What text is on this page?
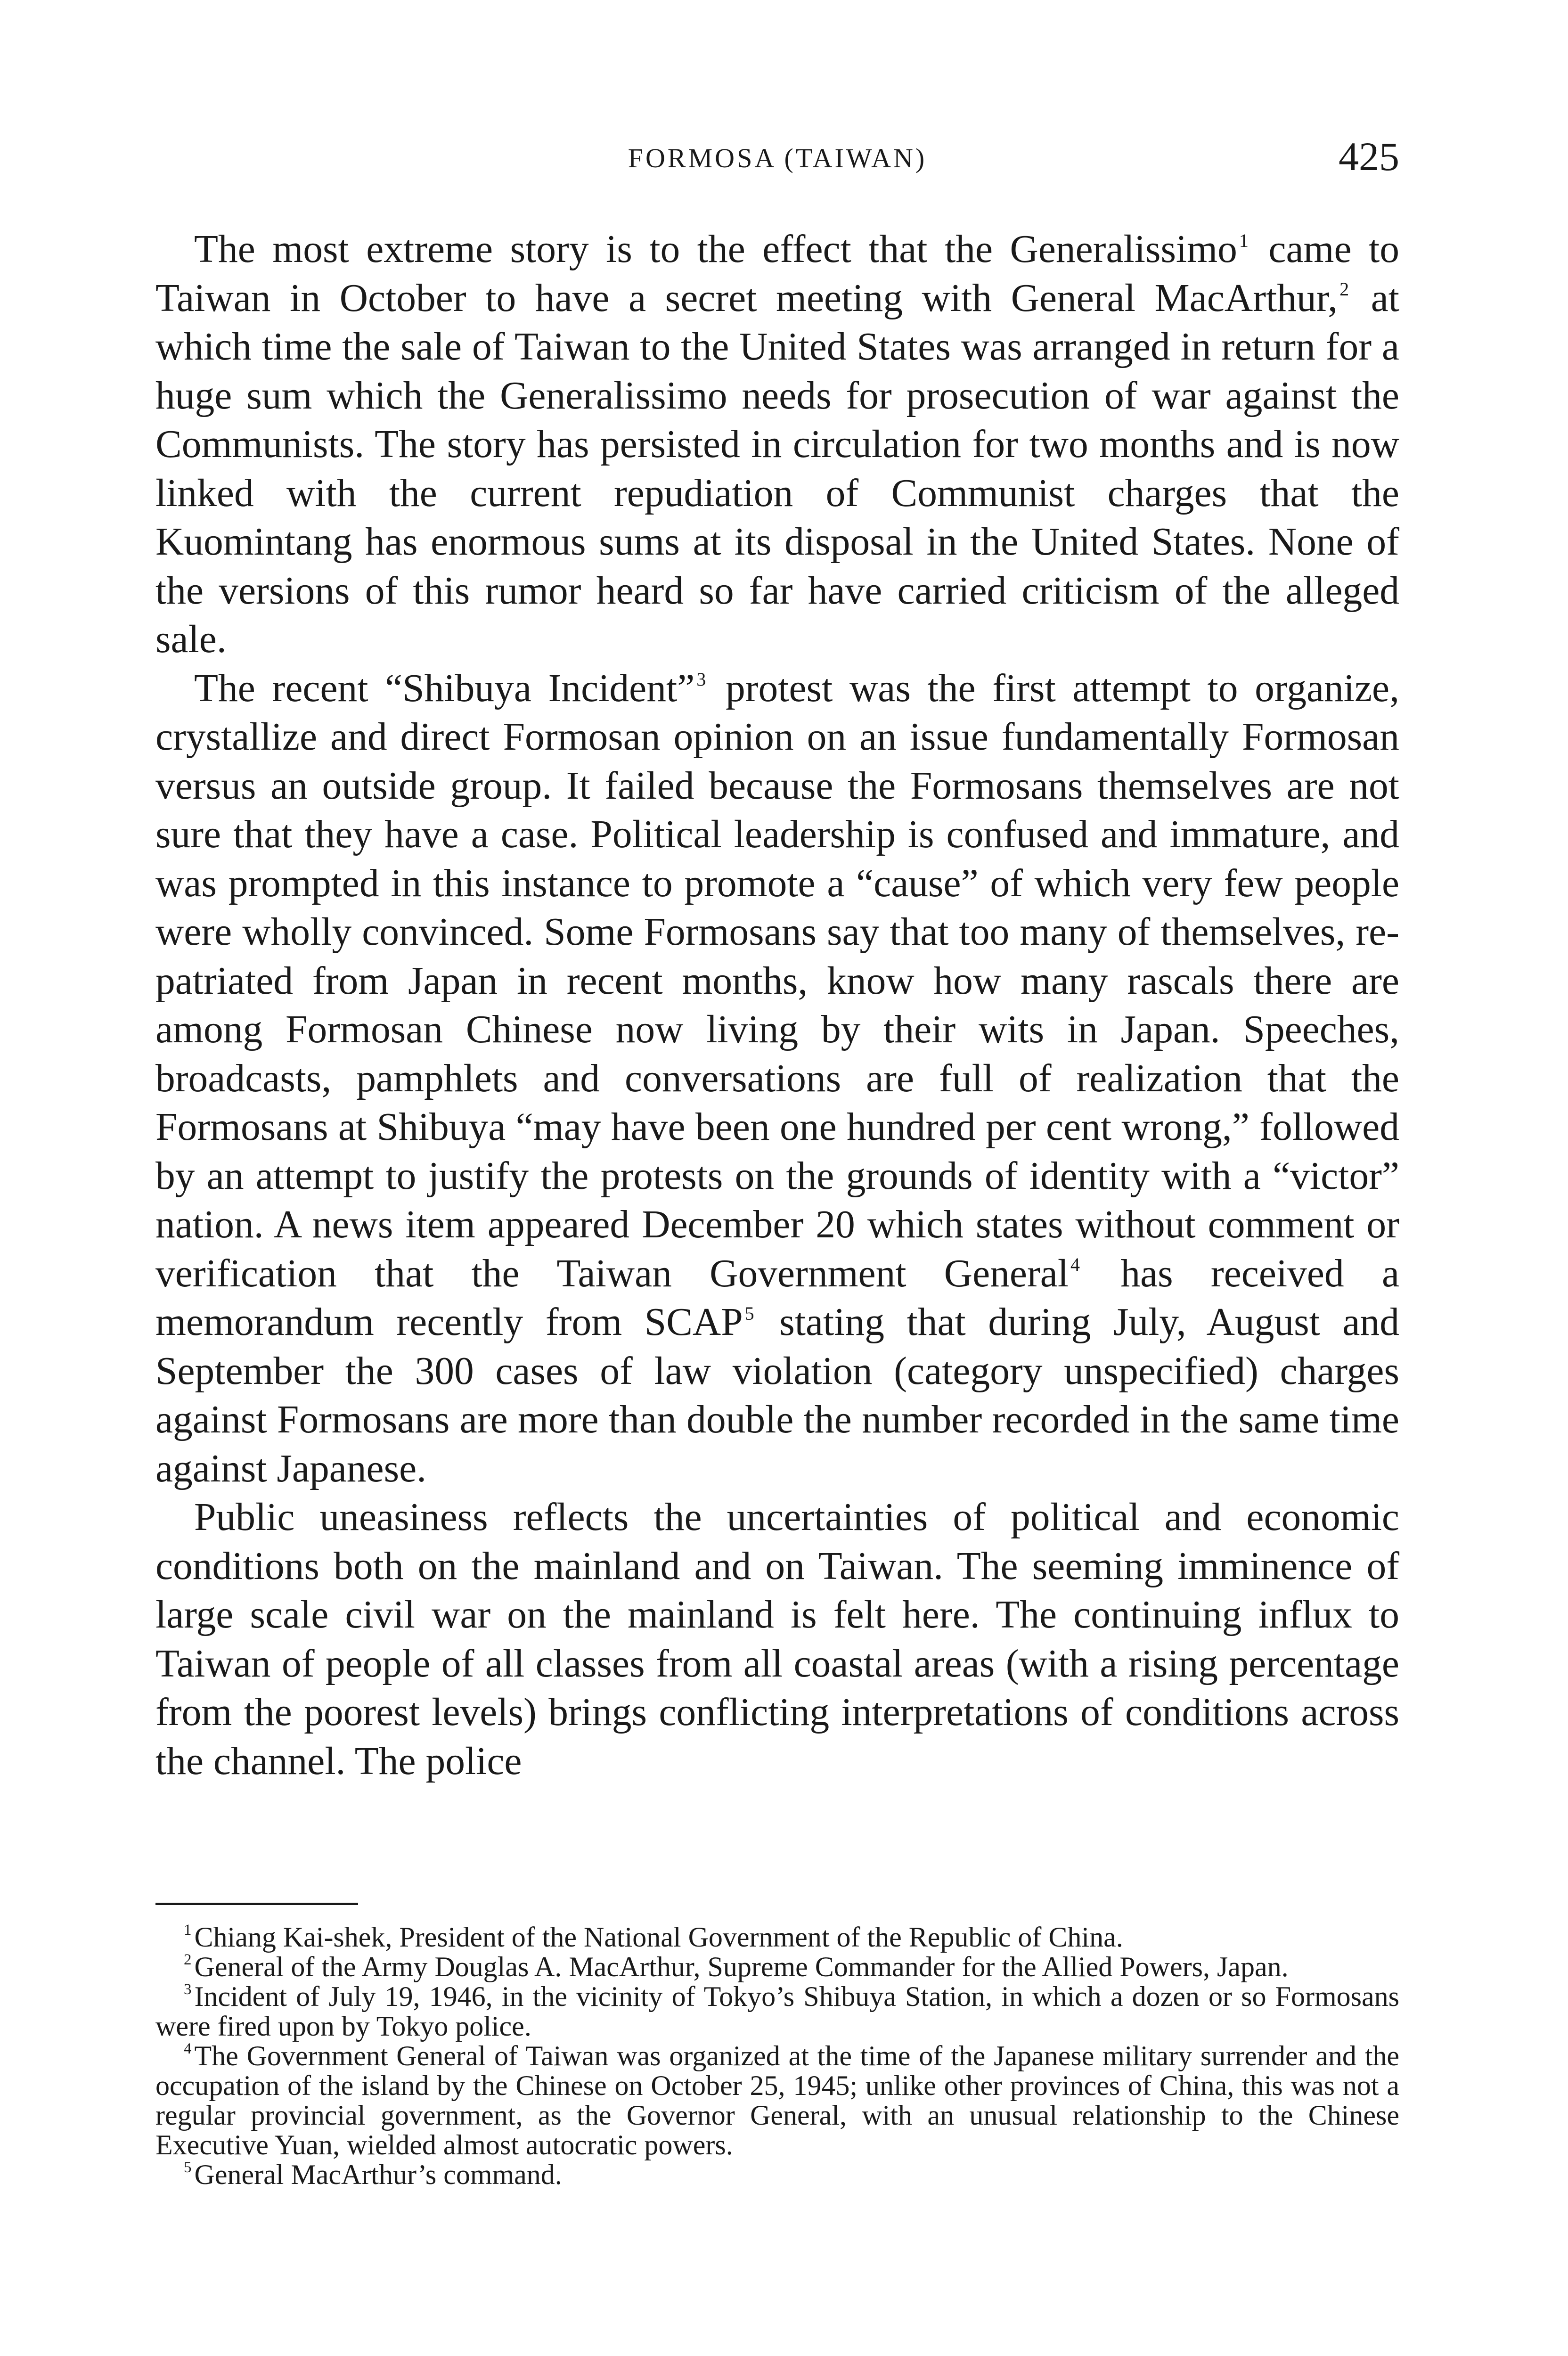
FORMOSA (TAIWAN)	425

The most extreme story is to the effect that the Generalissimo$^1$ came to Taiwan in October to have a secret meeting with General MacArthur,$^2$ at which time the sale of Taiwan to the United States was arranged in return for a huge sum which the Generalissimo needs for prosecution of war against the Communists. The story has persisted in circulation for two months and is now linked with the current repudiation of Communist charges that the Kuomintang has enormous sums at its disposal in the United States. None of the versions of this rumor heard so far have carried criticism of the alleged sale.

The recent “Shibuya Incident”$^3$ protest was the first attempt to organize, crystallize and direct Formosan opinion on an issue fundamentally Formosan versus an outside group. It failed because the Formosans themselves are not sure that they have a case. Political leadership is confused and immature, and was prompted in this instance to promote a “cause” of which very few people were wholly convinced. Some Formosans say that too many of themselves, repatriated from Japan in recent months, know how many rascals there are among Formosan Chinese now living by their wits in Japan. Speeches, broadcasts, pamphlets and conversations are full of realization that the Formosans at Shibuya “may have been one hundred per cent wrong,” followed by an attempt to justify the protests on the grounds of identity with a “victor” nation. A news item appeared December 20 which states without comment or verification that the Taiwan Government General$^4$ has received a memorandum recently from SCAP$^5$ stating that during July, August and September the 300 cases of law violation (category unspecified) charges against Formosans are more than double the number recorded in the same time against Japanese.

Public uneasiness reflects the uncertainties of political and economic conditions both on the mainland and on Taiwan. The seeming imminence of large scale civil war on the mainland is felt here. The continuing influx to Taiwan of people of all classes from all coastal areas (with a rising percentage from the poorest levels) brings conflicting interpretations of conditions across the channel. The police

$^1$ Chiang Kai-shek, President of the National Government of the Republic of China.

$^2$ General of the Army Douglas A. MacArthur, Supreme Commander for the Allied Powers, Japan.

$^3$ Incident of July 19, 1946, in the vicinity of Tokyo’s Shibuya Station, in which a dozen or so Formosans were fired upon by Tokyo police.

$^4$ The Government General of Taiwan was organized at the time of the Japanese military surrender and the occupation of the island by the Chinese on October 25, 1945; unlike other provinces of China, this was not a regular provincial government, as the Governor General, with an unusual relationship to the Chinese Executive Yuan, wielded almost autocratic powers.

$^5$ General MacArthur’s command.
